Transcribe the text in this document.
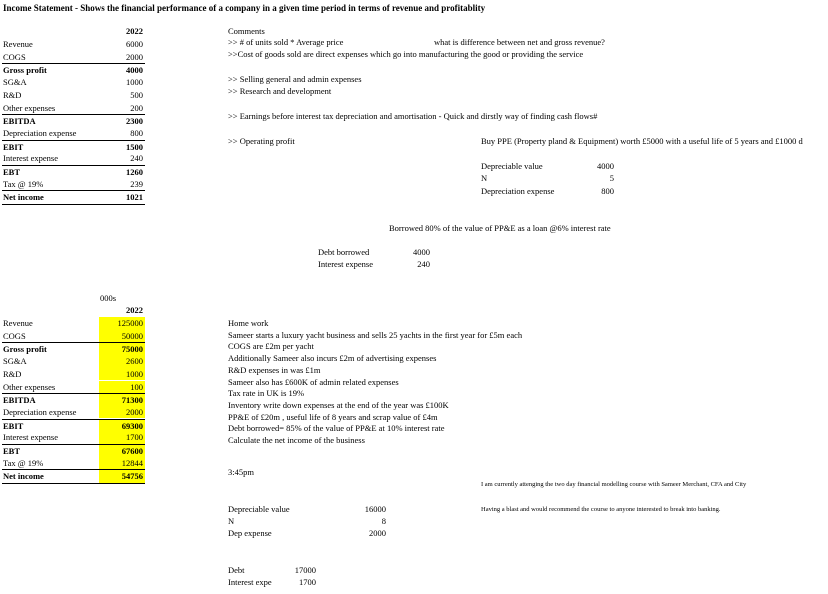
Income Statement - Shows the financial performance of a company in a given time period in terms of revenue and profitablity
2022
Revenue	6000
COGS	2000
Gross profit	4000
SG&A	1000
R&D	500
Other expenses	200
EBITDA	2300
Depreciation expense	800
EBIT	1500
Interest expense	240
EBT	1260
Tax @ 19%	239
Net income	1021
Comments
>> # of units sold * Average price	what is difference between net and gross revenue?
>>Cost of goods sold are direct expenses which go into manufacturing the good or providing the service
>> Selling general and admin expenses
>> Research and development
>> Earnings before interest tax depreciation and amortisation - Quick and dirstly way of finding cash flows#
>> Operating profit	Buy PPE (Property pland & Equipment) worth £5000 with a useful life of 5 years and £1000 d
Depreciable value	4000
N	5
Depreciation expense	800
Borrowed 80% of the value of PP&E as a loan @6% interest rate
Debt borrowed	4000
Interest expense	240
000s
2022
Revenue	125000
COGS	50000
Gross profit	75000
SG&A	2600
R&D	1000
Other expenses	100
EBITDA	71300
Depreciation expense	2000
EBIT	69300
Interest expense	1700
EBT	67600
Tax @ 19%	12844
Net income	54756
Home work
Sameer starts a luxury yacht business and sells 25 yachts in the first year for £5m each
COGS are £2m per yacht
Additionally Sameer also incurs £2m of advertising expenses
R&D expenses in was £1m
Sameer also has £600K of admin related expenses
Tax rate in UK is 19%
Inventory write down expenses at the end of the year was £100K
PP&E of £20m , useful life of 8 years and scrap value of £4m
Debt borrowed= 85% of the value of PP&E at 10% interest rate
Calculate the net income of the business
3:45pm
I am currently attenging the two day financial modelling course with Sameer Merchant, CFA and City
Having a blast and would recommend the course to anyone interested to break into banking.
Depreciable value	16000
N	8
Dep expense	2000
Debt	17000
Interest expe	1700
